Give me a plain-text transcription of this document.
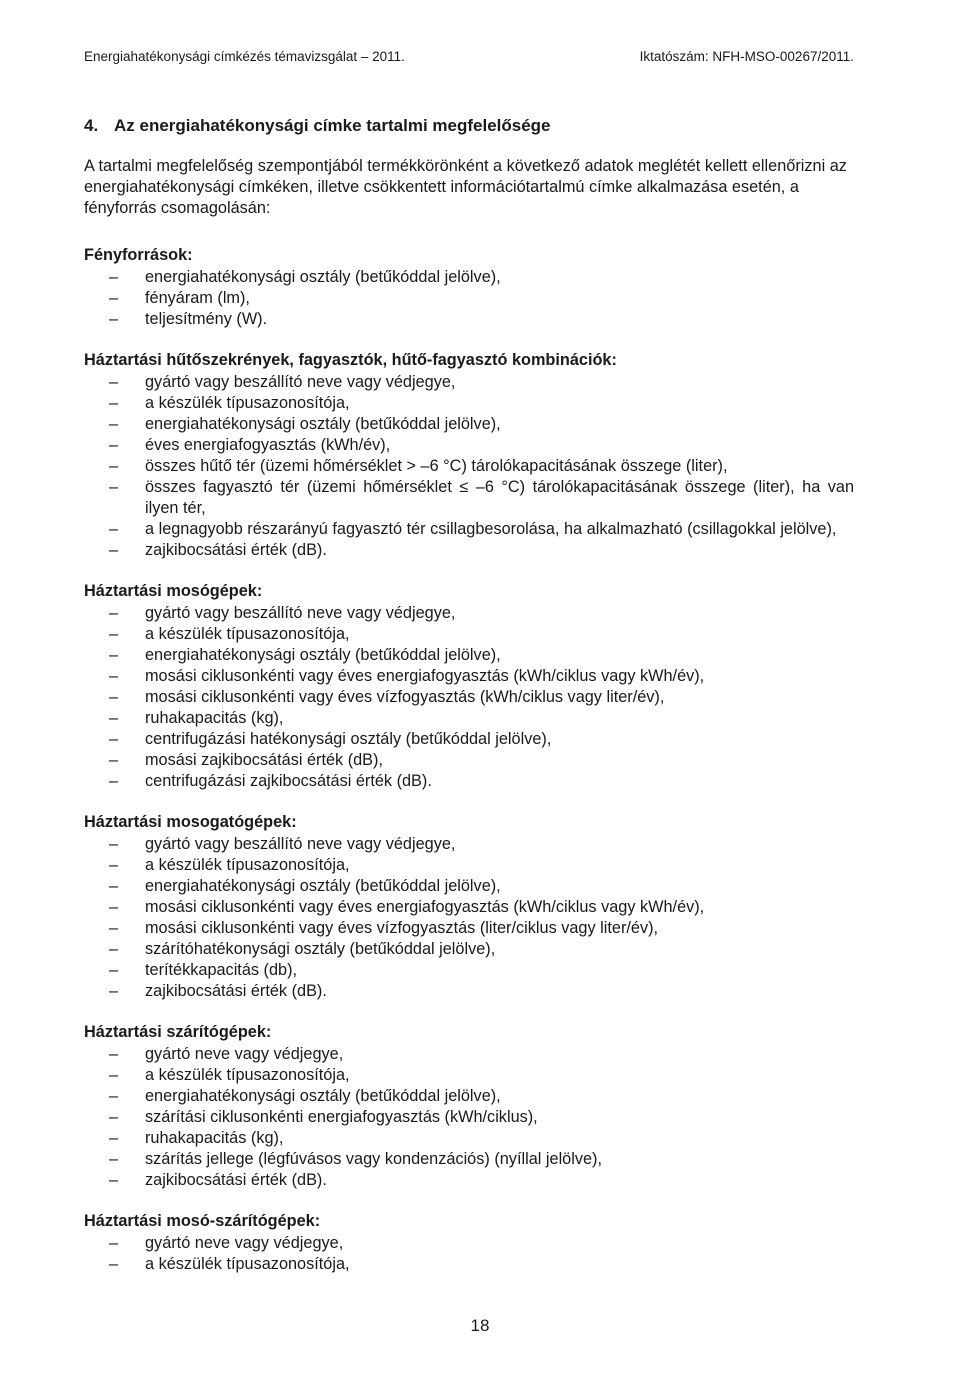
Energiahatékonysági címkézés témavizsgálat – 2011.	Iktatószám: NFH-MSO-00267/2011.
4. Az energiahatékonysági címke tartalmi megfelelősége

A tartalmi megfelelőség szempontjából termékkörönként a következő adatok meglétét kellett ellenőrizni az energiahatékonysági címkéken, illetve csökkentett információtartalmú címke alkalmazása esetén, a fényforrás csomagolásán:

Fényforrások:
– energiahatékonysági osztály (betűkóddal jelölve),
– fényáram (lm),
– teljesítmény (W).
Háztartási hűtőszekrények, fagyasztók, hűtő-fagyasztó kombinációk:
– gyártó vagy beszállító neve vagy védjegye,
– a készülék típusazonosítója,
– energiahatékonysági osztály (betűkóddal jelölve),
– éves energiafogyasztás (kWh/év),
– összes hűtő tér (üzemi hőmérséklet > –6 °C) tárolókapacitásának összege (liter),
– összes fagyasztó tér (üzemi hőmérséklet ≤ –6 °C) tárolókapacitásának összege (liter), ha van ilyen tér,
– a legnagyobb részarányú fagyasztó tér csillagbesorolása, ha alkalmazható (csillagokkal jelölve),
– zajkibocsátási érték (dB).
Háztartási mosógépek:
– gyártó vagy beszállító neve vagy védjegye,
– a készülék típusazonosítója,
– energiahatékonysági osztály (betűkóddal jelölve),
– mosási ciklusonkénti vagy éves energiafogyasztás (kWh/ciklus vagy kWh/év),
– mosási ciklusonkénti vagy éves vízfogyasztás (kWh/ciklus vagy liter/év),
– ruhakapacitás (kg),
– centrifugázási hatékonysági osztály (betűkóddal jelölve),
– mosási zajkibocsátási érték (dB),
– centrifugázási zajkibocsátási érték (dB).
Háztartási mosogatógépek:
– gyártó vagy beszállító neve vagy védjegye,
– a készülék típusazonosítója,
– energiahatékonysági osztály (betűkóddal jelölve),
– mosási ciklusonkénti vagy éves energiafogyasztás (kWh/ciklus vagy kWh/év),
– mosási ciklusonkénti vagy éves vízfogyasztás (liter/ciklus vagy liter/év),
– szárítóhatékonysági osztály (betűkóddal jelölve),
– terítékkapacitás (db),
– zajkibocsátási érték (dB).
Háztartási szárítógépek:
– gyártó neve vagy védjegye,
– a készülék típusazonosítója,
– energiahatékonysági osztály (betűkóddal jelölve),
– szárítási ciklusonkénti energiafogyasztás (kWh/ciklus),
– ruhakapacitás (kg),
– szárítás jellege (légfúvásos vagy kondenzációs) (nyíllal jelölve),
– zajkibocsátási érték (dB).
Háztartási mosó-szárítógépek:
– gyártó neve vagy védjegye,
– a készülék típusazonosítója,
18
